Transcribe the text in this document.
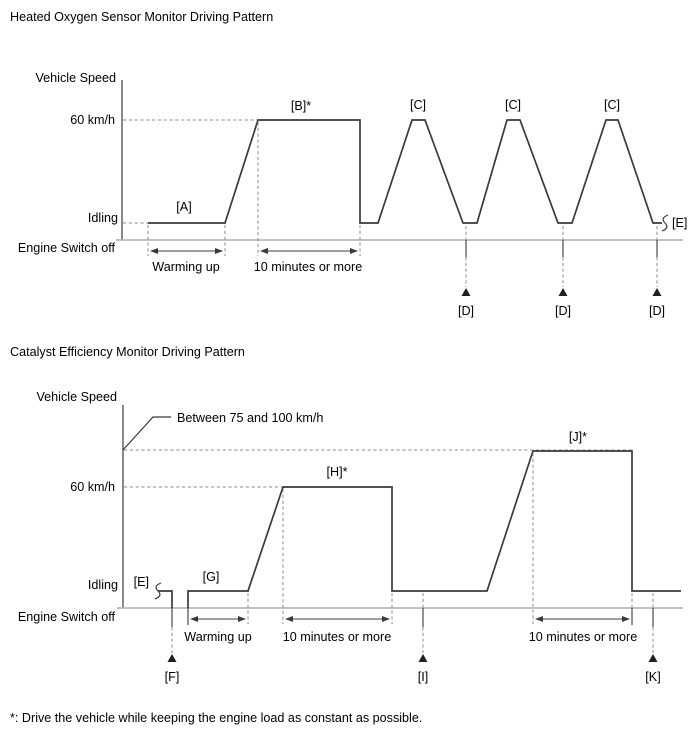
Heated Oxygen Sensor Monitor Driving Pattern
Vehicle Speed
60 km/h
Idling
Engine Switch off
[E]
Warming up	10 minutes or more
[A]
[B]*	[C]	[C]	[C]
[D]	[D]	[D]
Catalyst Efficiency Monitor Driving Pattern
Vehicle Speed
Between 75 and 100 km/h
60 km/h
Idling
Engine Switch off
[E]
Warming up 10 minutes or more	10 minutes or more
[G]
[H]*
[J]*
[F]	[I]	[K]
*: Drive the vehicle while keeping the engine load as constant as possible.
